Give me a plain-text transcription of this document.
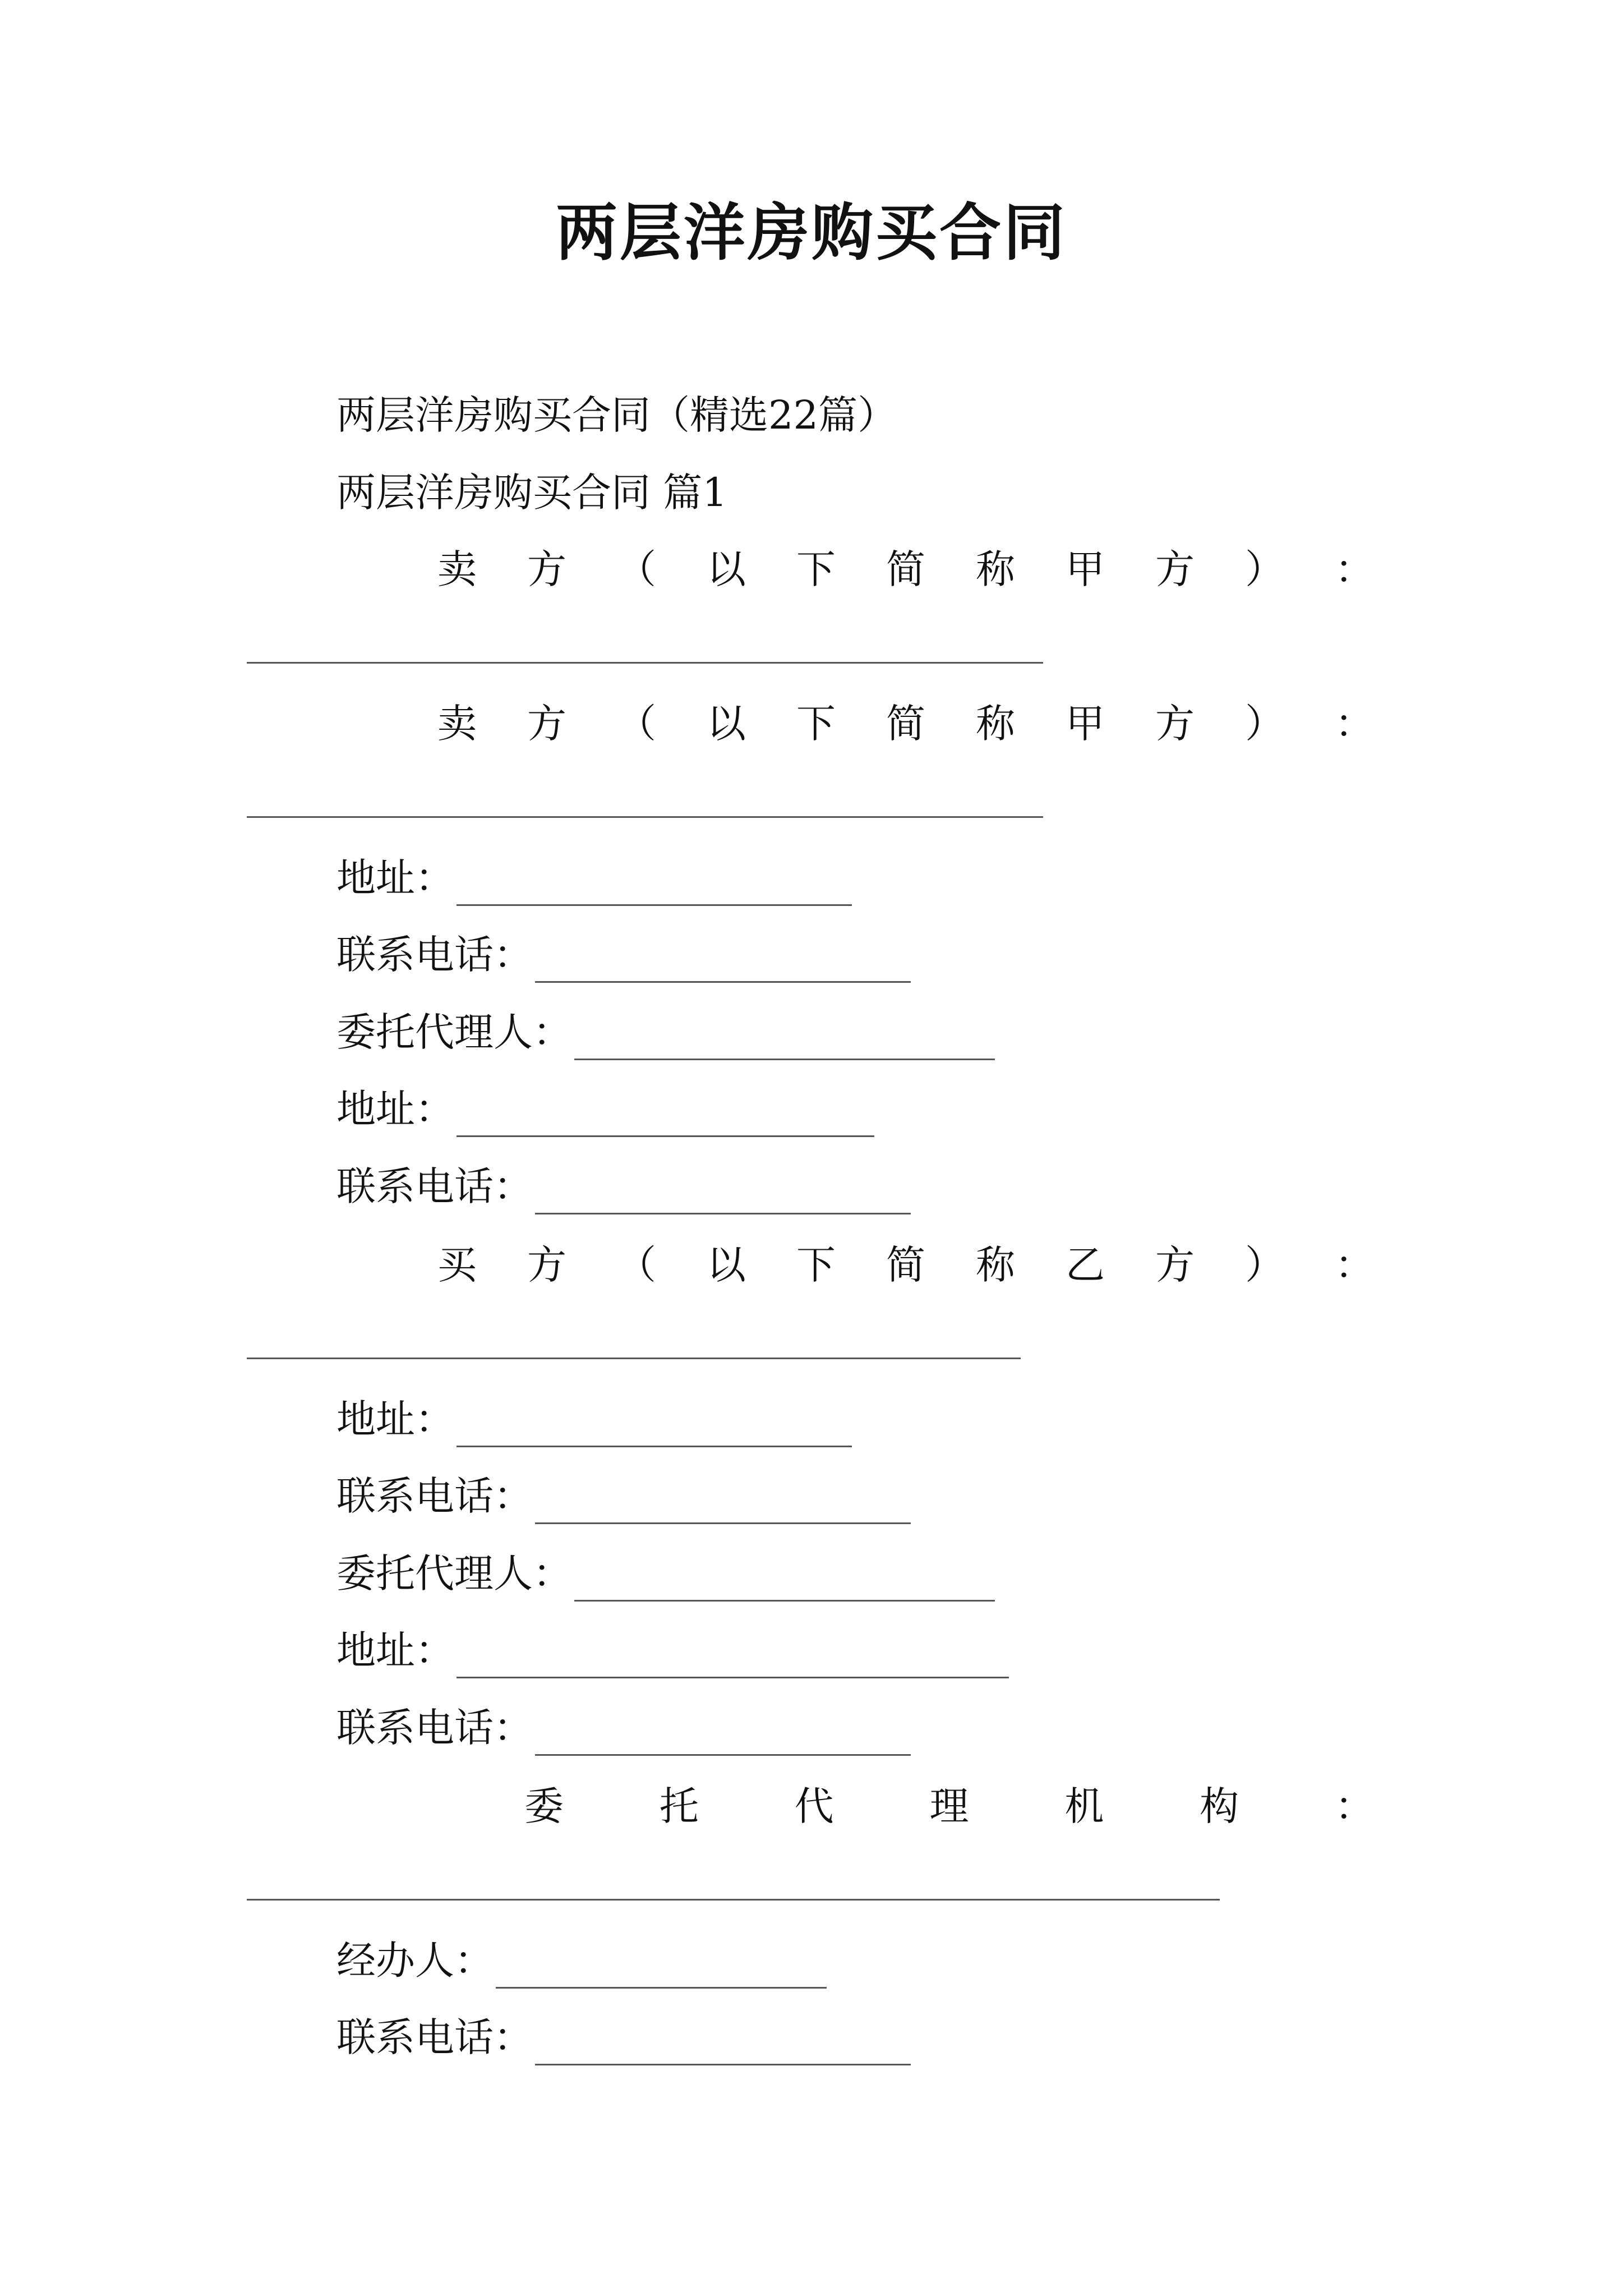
两层洋房购买合同
两层洋房购买合同（精选22篇）
两层洋房购买合同 篇1
卖 方 （ 以 下 简 称 甲 方 ） ：
卖 方 （ 以 下 简 称 甲 方 ） ：
地址：
联系电话：
委托代理人：
地址：
联系电话：
买 方 （ 以 下 简 称 乙 方 ） ：
地址：
联系电话：
委托代理人：
地址：
联系电话：
委 托 代 理 机 构 ：
经办人：
联系电话：
